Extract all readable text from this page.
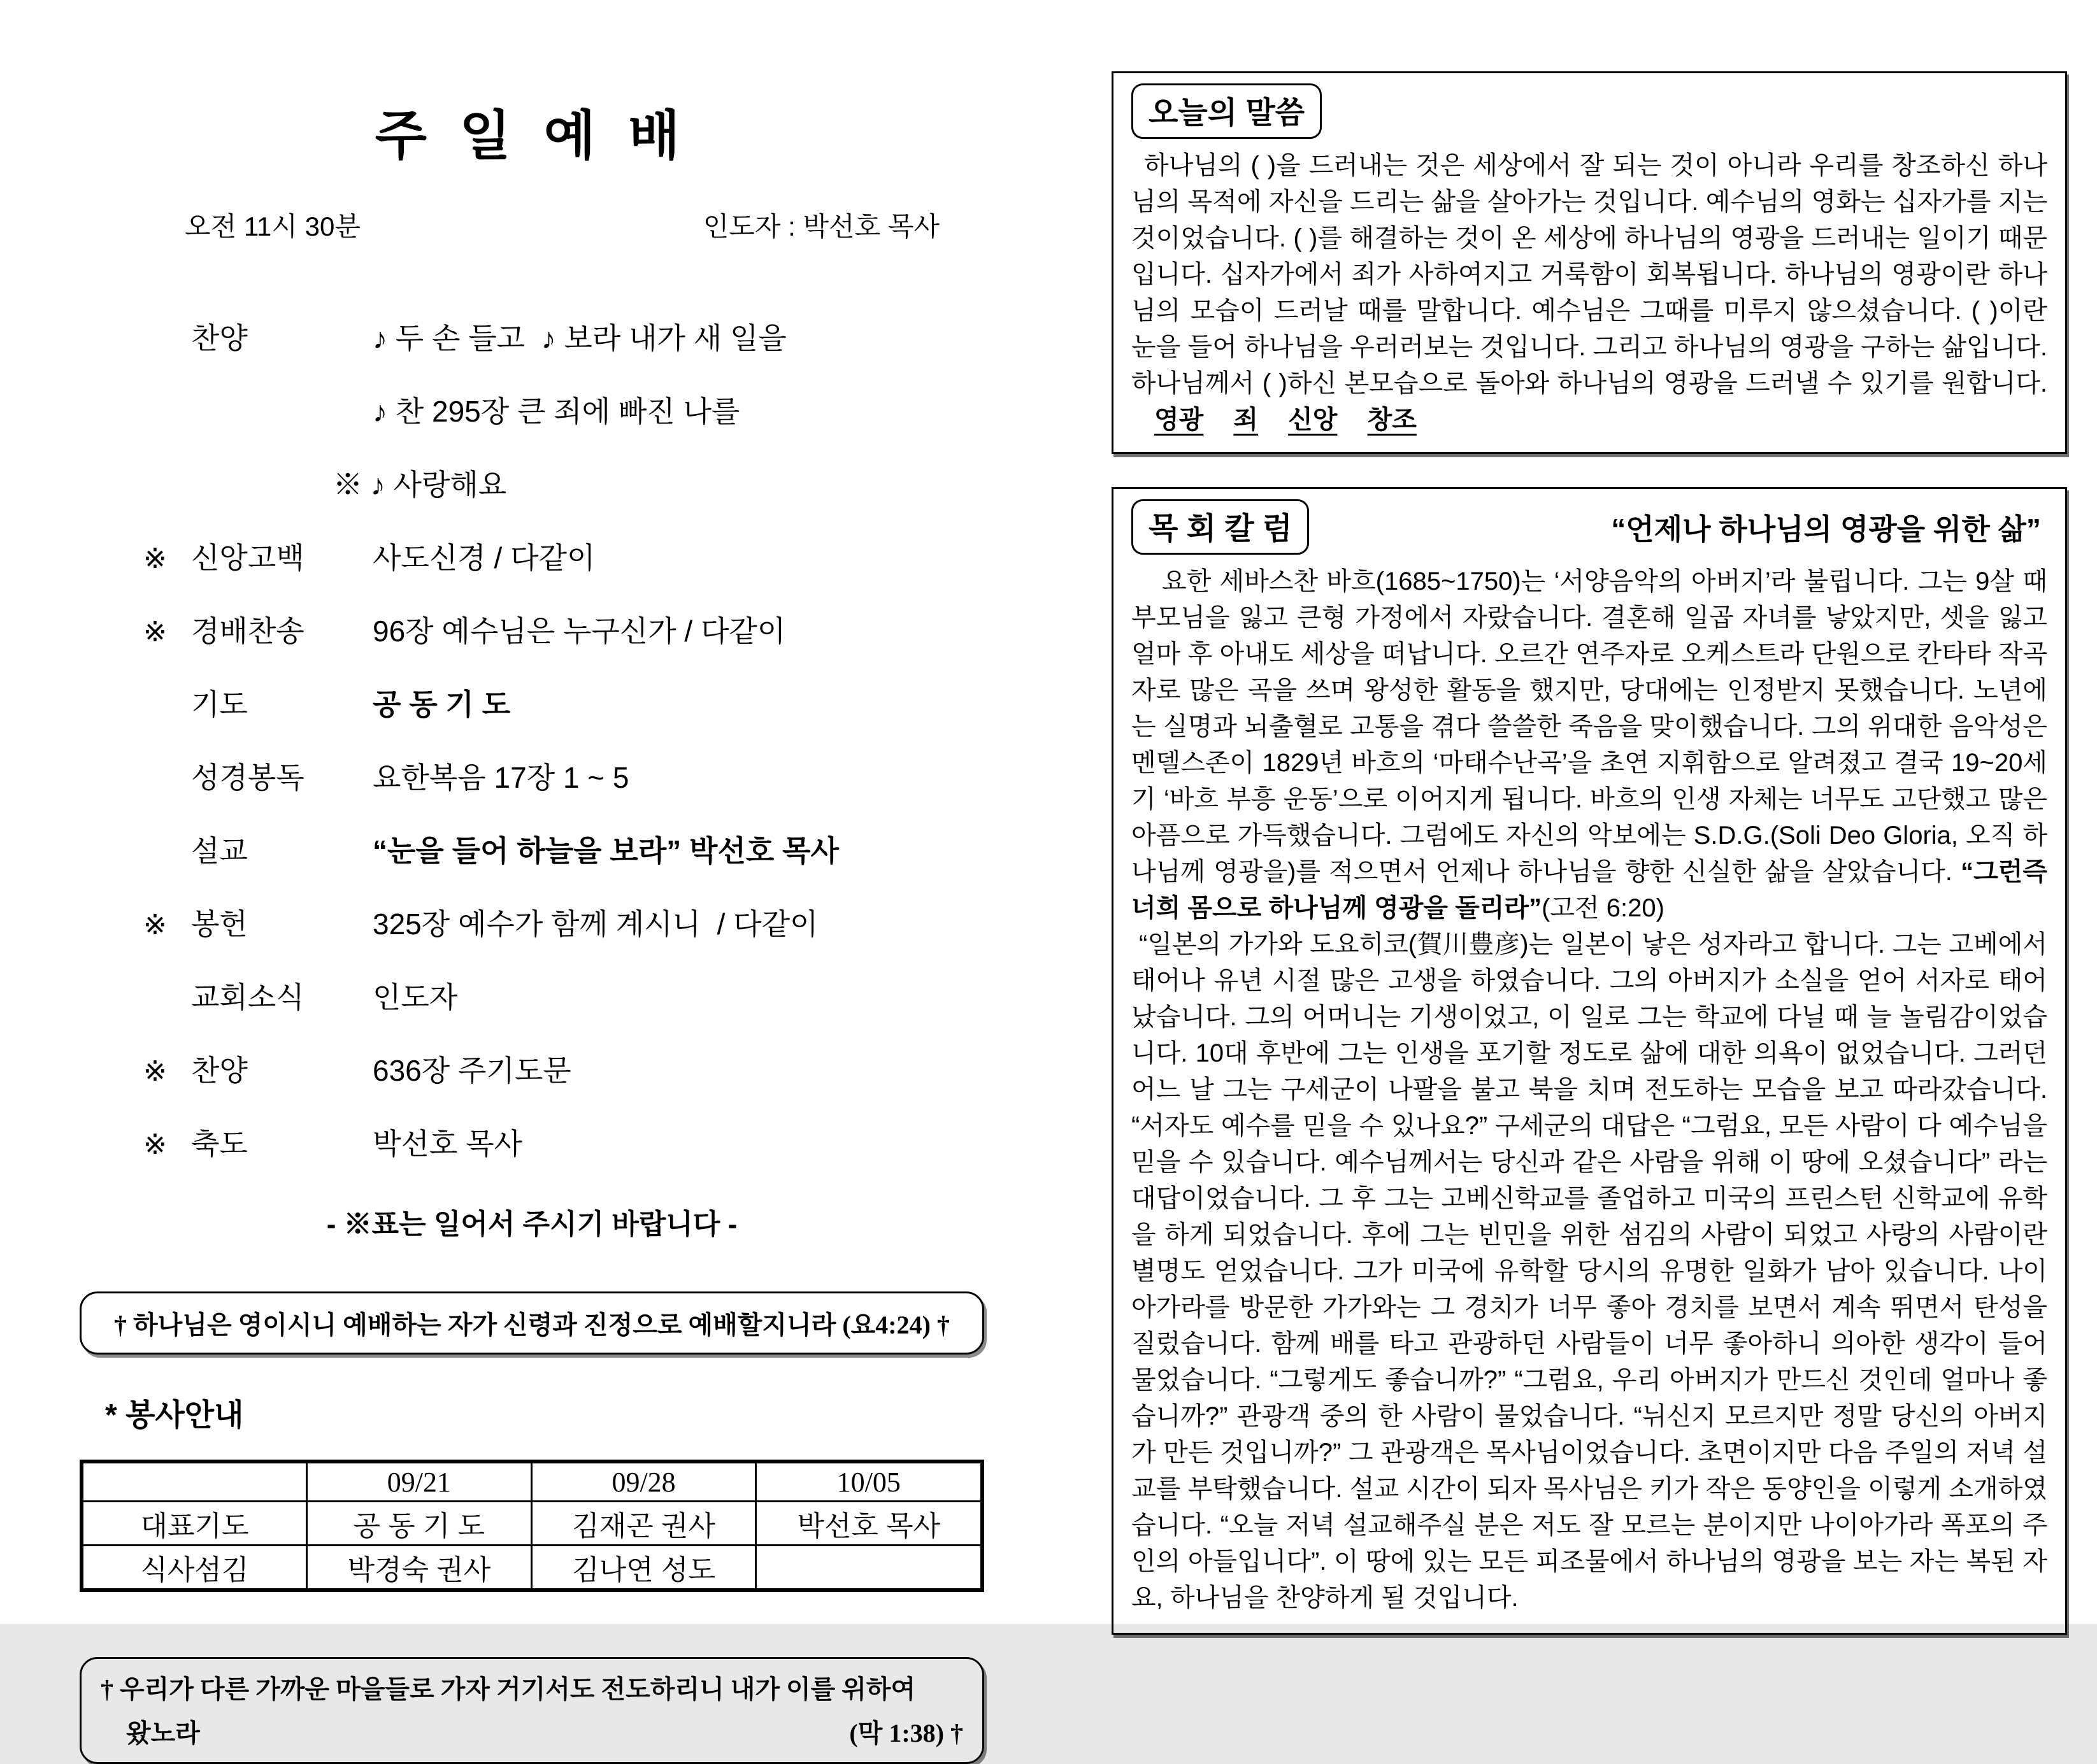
주 일 예 배
오전 11시 30분	인도자 : 박선호 목사
찬양	♪ 두 손 들고  ♪ 보라 내가 새 일을
♪ 찬 295장 큰 죄에 빠진 나를
※ ♪ 사랑해요
※ 신앙고백	사도신경 / 다같이
※ 경배찬송	96장 예수님은 누구신가 / 다같이
기도	공 동 기 도
성경봉독	요한복음 17장 1 ~ 5
설교	“눈을 들어 하늘을 보라” 박선호 목사
※ 봉헌	325장 예수가 함께 계시니  / 다같이
교회소식	인도자
※ 찬양	636장 주기도문
※ 축도	박선호 목사
- ※표는 일어서 주시기 바랍니다 -
† 하나님은 영이시니 예배하는 자가 신령과 진정으로 예배할지니라 (요4:24) †
* 봉사안내
	09/21	09/28	10/05
대표기도	공 동 기 도	김재곤 권사	박선호 목사
식사섬김	박경숙 권사	김나연 성도	
† 우리가 다른 가까운 마을들로 가자 거기서도 전도하리니 내가 이를 위하여
왔노라	(막 1:38) †
오늘의 말씀

하나님의 ( )을 드러내는 것은 세상에서 잘 되는 것이 아니라 우리를 창조하신 하나님의 목적에 자신을 드리는 삶을 살아가는 것입니다. 예수님의 영화는 십자가를 지는 것이었습니다. ( )를 해결하는 것이 온 세상에 하나님의 영광을 드러내는 일이기 때문입니다. 십자가에서 죄가 사하여지고 거룩함이 회복됩니다. 하나님의 영광이란 하나님의 모습이 드러날 때를 말합니다. 예수님은 그때를 미루지 않으셨습니다. ( )이란 눈을 들어 하나님을 우러러보는 것입니다. 그리고 하나님의 영광을 구하는 삶입니다. 하나님께서 ( )하신 본모습으로 돌아와 하나님의 영광을 드러낼 수 있기를 원합니다. 영광 죄 신앙 창조

목 회 칼 럼	“언제나 하나님의 영광을 위한 삶”

요한 세바스찬 바흐(1685~1750)는 ‘서양음악의 아버지’라 불립니다. 그는 9살 때 부모님을 잃고 큰형 가정에서 자랐습니다. 결혼해 일곱 자녀를 낳았지만, 셋을 잃고 얼마 후 아내도 세상을 떠납니다. 오르간 연주자로 오케스트라 단원으로 칸타타 작곡자로 많은 곡을 쓰며 왕성한 활동을 했지만, 당대에는 인정받지 못했습니다. 노년에는 실명과 뇌출혈로 고통을 겪다 쓸쓸한 죽음을 맞이했습니다. 그의 위대한 음악성은 멘델스존이 1829년 바흐의 ‘마태수난곡’을 초연 지휘함으로 알려졌고 결국 19~20세기 ‘바흐 부흥 운동’으로 이어지게 됩니다. 바흐의 인생 자체는 너무도 고단했고 많은 아픔으로 가득했습니다. 그럼에도 자신의 악보에는 S.D.G.(Soli Deo Gloria, 오직 하나님께 영광을)를 적으면서 언제나 하나님을 향한 신실한 삶을 살았습니다. “그런즉 너희 몸으로 하나님께 영광을 돌리라”(고전 6:20)

“일본의 가가와 도요히코(賀川豊彦)는 일본이 낳은 성자라고 합니다. 그는 고베에서 태어나 유년 시절 많은 고생을 하였습니다. 그의 아버지가 소실을 얻어 서자로 태어났습니다. 그의 어머니는 기생이었고, 이 일로 그는 학교에 다닐 때 늘 놀림감이었습니다. 10대 후반에 그는 인생을 포기할 정도로 삶에 대한 의욕이 없었습니다. 그러던 어느 날 그는 구세군이 나팔을 불고 북을 치며 전도하는 모습을 보고 따라갔습니다. “서자도 예수를 믿을 수 있나요?” 구세군의 대답은 “그럼요, 모든 사람이 다 예수님을 믿을 수 있습니다. 예수님께서는 당신과 같은 사람을 위해 이 땅에 오셨습니다” 라는 대답이었습니다. 그 후 그는 고베신학교를 졸업하고 미국의 프린스턴 신학교에 유학을 하게 되었습니다. 후에 그는 빈민을 위한 섬김의 사람이 되었고 사랑의 사람이란 별명도 얻었습니다. 그가 미국에 유학할 당시의 유명한 일화가 남아 있습니다. 나이아가라를 방문한 가가와는 그 경치가 너무 좋아 경치를 보면서 계속 뛰면서 탄성을 질렀습니다. 함께 배를 타고 관광하던 사람들이 너무 좋아하니 의아한 생각이 들어 물었습니다. “그렇게도 좋습니까?” “그럼요, 우리 아버지가 만드신 것인데 얼마나 좋습니까?” 관광객 중의 한 사람이 물었습니다. “뉘신지 모르지만 정말 당신의 아버지가 만든 것입니까?” 그 관광객은 목사님이었습니다. 초면이지만 다음 주일의 저녁 설교를 부탁했습니다. 설교 시간이 되자 목사님은 키가 작은 동양인을 이렇게 소개하였습니다. “오늘 저녁 설교해주실 분은 저도 잘 모르는 분이지만 나이아가라 폭포의 주인의 아들입니다”. 이 땅에 있는 모든 피조물에서 하나님의 영광을 보는 자는 복된 자요, 하나님을 찬양하게 될 것입니다.
